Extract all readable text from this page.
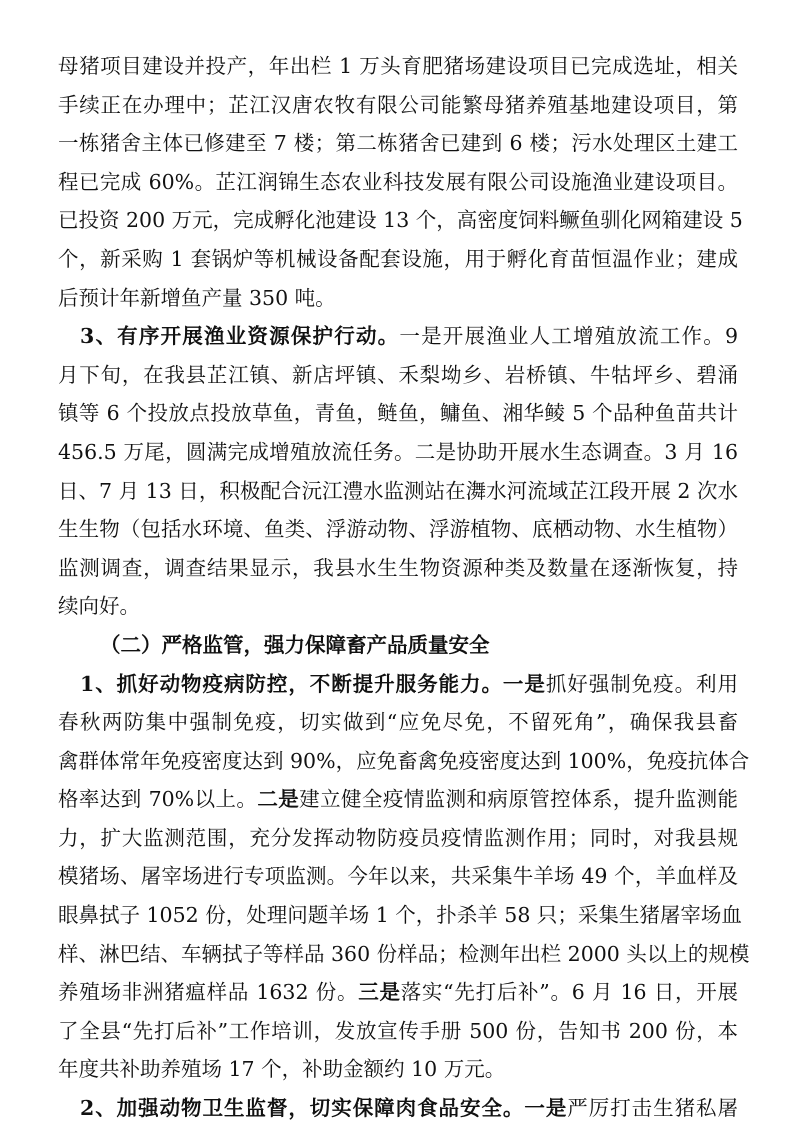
母猪项目建设并投产，年出栏 1 万头育肥猪场建设项目已完成选址，相关
手续正在办理中；芷江汉唐农牧有限公司能繁母猪养殖基地建设项目，第
一栋猪舍主体已修建至 7 楼；第二栋猪舍已建到 6 楼；污水处理区土建工
程已完成 60%。芷江润锦生态农业科技发展有限公司设施渔业建设项目。
已投资 200 万元，完成孵化池建设 13 个，高密度饲料鳜鱼驯化网箱建设 5
个，新采购 1 套锅炉等机械设备配套设施，用于孵化育苗恒温作业；建成
后预计年新增鱼产量 350 吨。
3、有序开展渔业资源保护行动。一是开展渔业人工增殖放流工作。9
月下旬，在我县芷江镇、新店坪镇、禾梨坳乡、岩桥镇、牛牯坪乡、碧涌
镇等 6 个投放点投放草鱼，青鱼，鲢鱼，鳙鱼、湘华鲮 5 个品种鱼苗共计
456.5 万尾，圆满完成增殖放流任务。二是协助开展水生态调查。3 月 16
日、7 月 13 日，积极配合沅江澧水监测站在㵲水河流域芷江段开展 2 次水
生生物（包括水环境、鱼类、浮游动物、浮游植物、底栖动物、水生植物）
监测调查，调查结果显示，我县水生生物资源种类及数量在逐渐恢复，持
续向好。
（二）严格监管，强力保障畜产品质量安全
1、抓好动物疫病防控，不断提升服务能力。一是抓好强制免疫。利用
春秋两防集中强制免疫，切实做到“应免尽免，不留死角”，确保我县畜
禽群体常年免疫密度达到 90%，应免畜禽免疫密度达到 100%，免疫抗体合
格率达到 70%以上。二是建立健全疫情监测和病原管控体系，提升监测能
力，扩大监测范围，充分发挥动物防疫员疫情监测作用；同时，对我县规
模猪场、屠宰场进行专项监测。今年以来，共采集牛羊场 49 个，羊血样及
眼鼻拭子 1052 份，处理问题羊场 1 个，扑杀羊 58 只；采集生猪屠宰场血
样、淋巴结、车辆拭子等样品 360 份样品；检测年出栏 2000 头以上的规模
养殖场非洲猪瘟样品 1632 份。三是落实“先打后补”。6 月 16 日，开展
了全县“先打后补”工作培训，发放宣传手册 500 份，告知书 200 份，本
年度共补助养殖场 17 个，补助金额约 10 万元。
2、加强动物卫生监督，切实保障肉食品安全。一是严厉打击生猪私屠
